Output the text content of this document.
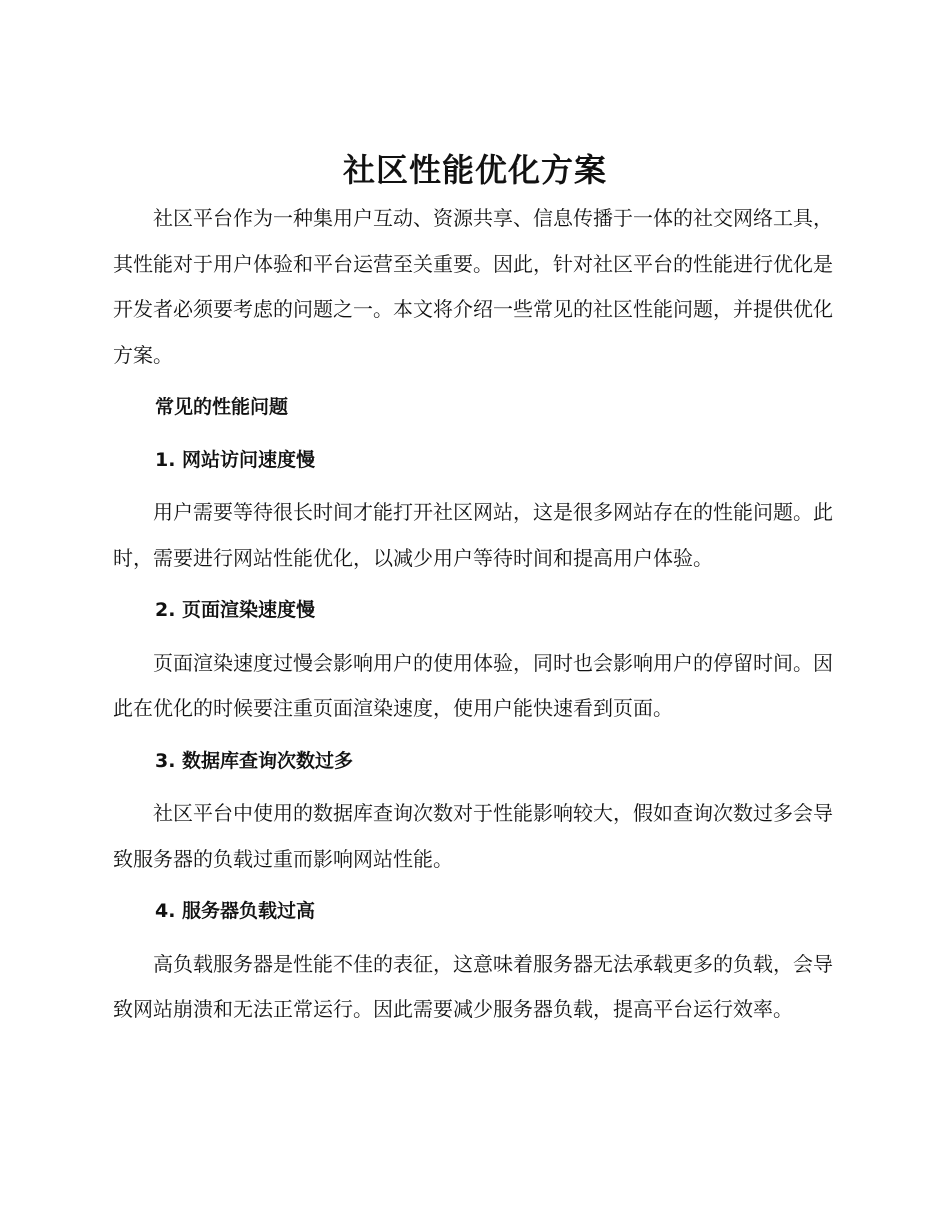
社区性能优化方案

社区平台作为一种集用户互动、资源共享、信息传播于一体的社交网络工具，其性能对于用户体验和平台运营至关重要。因此，针对社区平台的性能进行优化是开发者必须要考虑的问题之一。本文将介绍一些常见的社区性能问题，并提供优化方案。

常见的性能问题

1. 网站访问速度慢

用户需要等待很长时间才能打开社区网站，这是很多网站存在的性能问题。此时，需要进行网站性能优化，以减少用户等待时间和提高用户体验。

2. 页面渲染速度慢

页面渲染速度过慢会影响用户的使用体验，同时也会影响用户的停留时间。因此在优化的时候要注重页面渲染速度，使用户能快速看到页面。

3. 数据库查询次数过多

社区平台中使用的数据库查询次数对于性能影响较大，假如查询次数过多会导致服务器的负载过重而影响网站性能。

4. 服务器负载过高

高负载服务器是性能不佳的表征，这意味着服务器无法承载更多的负载，会导致网站崩溃和无法正常运行。因此需要减少服务器负载，提高平台运行效率。
